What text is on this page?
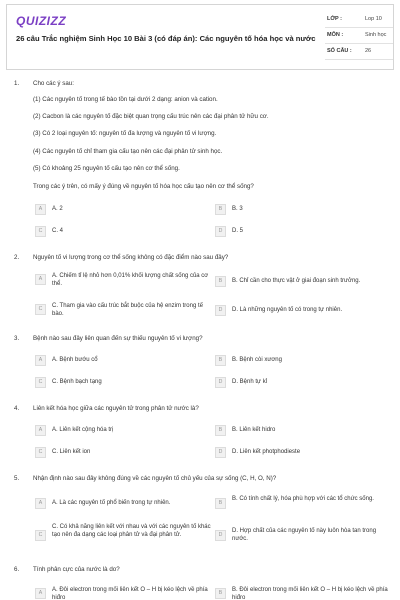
QUIZIZZ
26 câu Trắc nghiệm Sinh Học 10 Bài 3 (có đáp án): Các nguyên tố hóa học và nước
LỚP :	Lop 10
MÔN :	Sinh học
SỐ CÂU : 26
1. Cho các ý sau:
(1) Các nguyên tố trong tế bào tồn tại dưới 2 dạng: anion và cation.
(2) Cacbon là các nguyên tố đặc biệt quan trọng cấu trúc nên các đại phân tử hữu cơ.
(3) Có 2 loại nguyên tố: nguyên tố đa lượng và nguyên tố vi lượng.
(4) Các nguyên tố chỉ tham gia cấu tạo nên các đại phân tử sinh học.
(5) Có khoảng 25 nguyên tố cấu tạo nên cơ thể sống.
Trong các ý trên, có mấy ý đúng về nguyên tố hóa học cấu tạo nên cơ thể sống?
A	A. 2	B	B. 3
C	C. 4	D	D. 5
2. Nguyên tố vi lượng trong cơ thể sống không có đặc điểm nào sau đây?
A	A. Chiếm tỉ lệ nhỏ hơn 0,01% khối lượng chất sống của cơ thể.	B	B. Chỉ cần cho thực vật ở giai đoạn sinh trưởng.
C	C. Tham gia vào cấu trúc bắt buộc của hệ enzim trong tế bào.
D	D. Là những nguyên tố có trong tự nhiên.
3. Bệnh nào sau đây liên quan đến sự thiếu nguyên tố vi lượng?
A	A. Bệnh bướu cổ	B	B. Bệnh còi xương
C	C. Bệnh bạch tạng	D	D. Bệnh tự kỉ
4. Liên kết hóa học giữa các nguyên tử trong phân tử nước là?
A	A. Liên kết cộng hóa trị	B	B. Liên kết hidro
C	C. Liên kết ion	D	D. Liên kết photphodieste
5. Nhận định nào sau đây không đúng về các nguyên tố chủ yếu của sự sống (C, H, O, N)?
A	A. Là các nguyên tố phổ biến trong tự nhiên.	B
B. Có tính chất lý, hóa phù hợp với các tổ chức sống.
C
C. Có khả năng liên kết với nhau và với các nguyên tố khác tạo nên đa dạng các loại phân tử và đại phân tử.	D
D. Hợp chất của các nguyên tố này luôn hòa tan trong nước.
6. Tính phân cực của nước là do?
A	A. Đôi electron trong mối liên kết O – H bị kéo lệch về phía hiđro
B	B. Đôi electron trong mối liên kết O – H bị kéo lệch về phía hiđro
